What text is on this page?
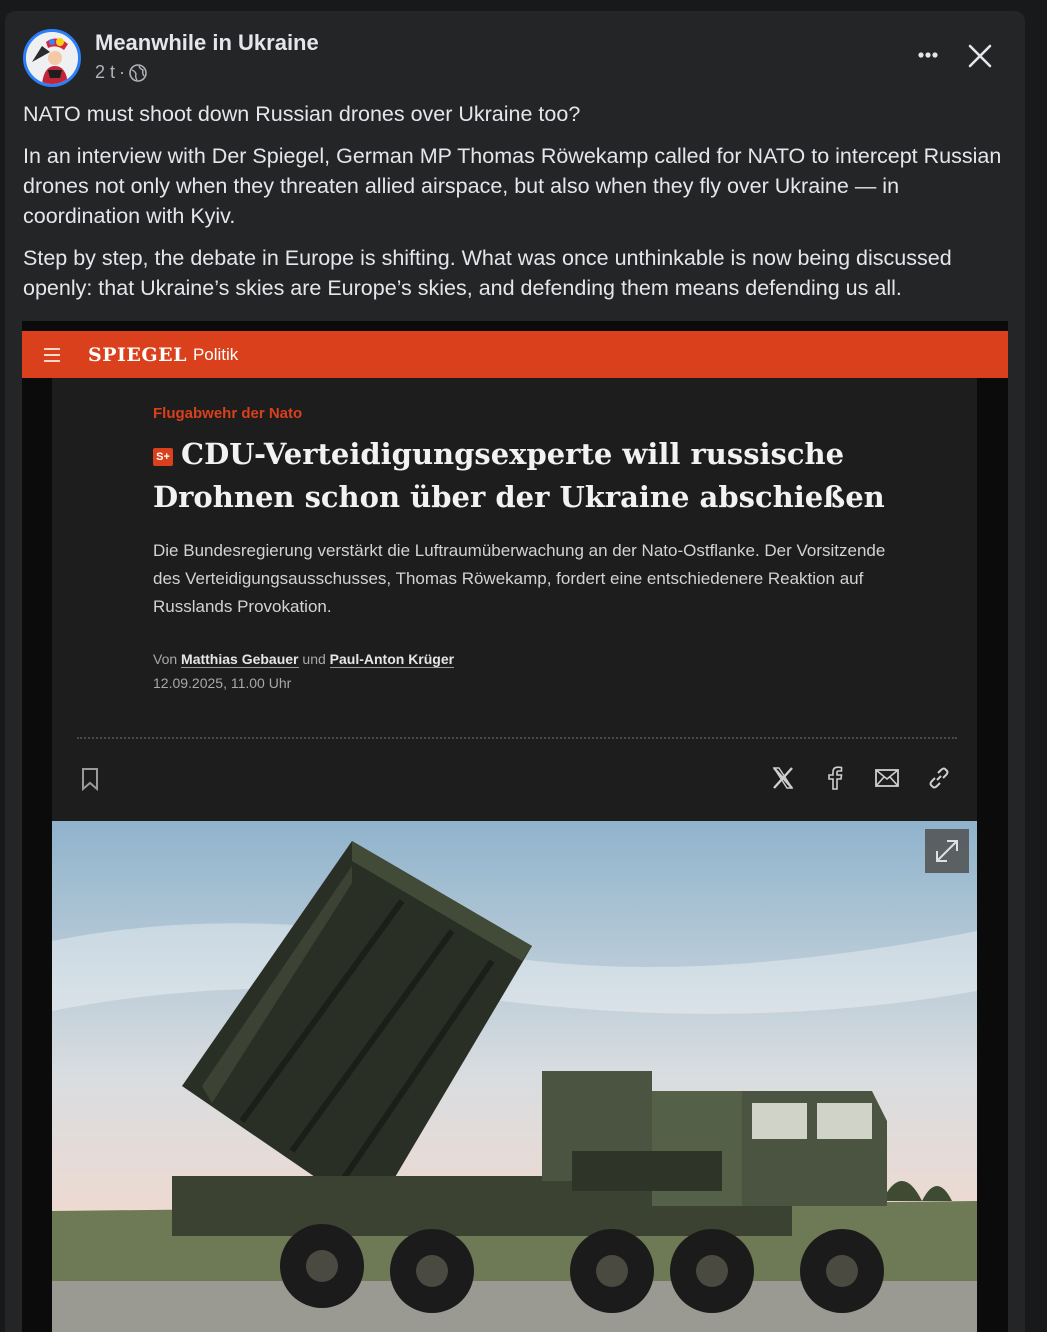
Meanwhile in Ukraine
2 t ·

NATO must shoot down Russian drones over Ukraine too?

In an interview with Der Spiegel, German MP Thomas Röwekamp called for NATO to intercept Russian drones not only when they threaten allied airspace, but also when they fly over Ukraine — in coordination with Kyiv.

Step by step, the debate in Europe is shifting. What was once unthinkable is now being discussed openly: that Ukraine’s skies are Europe’s skies, and defending them means defending us all.

SPIEGEL Politik
Flugabwehr der Nato
S+ CDU-Verteidigungsexperte will russische Drohnen schon über der Ukraine abschießen
Die Bundesregierung verstärkt die Luftraumüberwachung an der Nato-Ostflanke. Der Vorsitzende des Verteidigungsausschusses, Thomas Röwekamp, fordert eine entschiedenere Reaktion auf Russlands Provokation.
Von Matthias Gebauer und Paul-Anton Krüger
12.09.2025, 11.00 Uhr
